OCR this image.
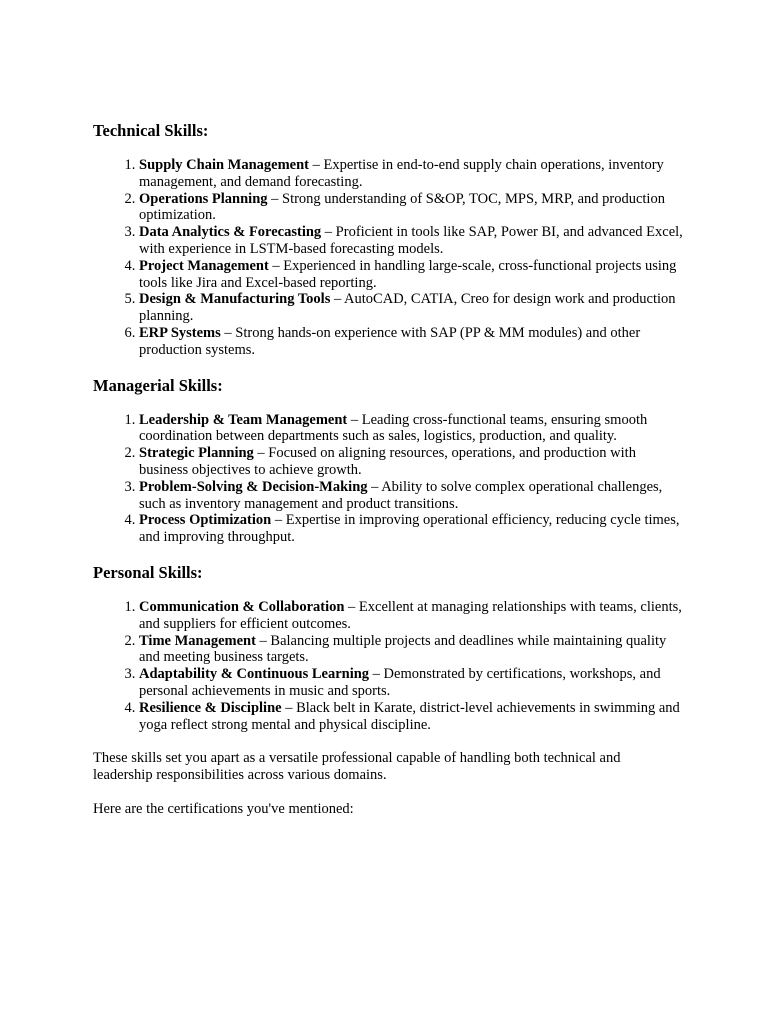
Technical Skills:
1. Supply Chain Management – Expertise in end-to-end supply chain operations, inventory management, and demand forecasting.
2. Operations Planning – Strong understanding of S&OP, TOC, MPS, MRP, and production optimization.
3. Data Analytics & Forecasting – Proficient in tools like SAP, Power BI, and advanced Excel, with experience in LSTM-based forecasting models.
4. Project Management – Experienced in handling large-scale, cross-functional projects using tools like Jira and Excel-based reporting.
5. Design & Manufacturing Tools – AutoCAD, CATIA, Creo for design work and production planning.
6. ERP Systems – Strong hands-on experience with SAP (PP & MM modules) and other production systems.
Managerial Skills:
1. Leadership & Team Management – Leading cross-functional teams, ensuring smooth coordination between departments such as sales, logistics, production, and quality.
2. Strategic Planning – Focused on aligning resources, operations, and production with business objectives to achieve growth.
3. Problem-Solving & Decision-Making – Ability to solve complex operational challenges, such as inventory management and product transitions.
4. Process Optimization – Expertise in improving operational efficiency, reducing cycle times, and improving throughput.
Personal Skills:
1. Communication & Collaboration – Excellent at managing relationships with teams, clients, and suppliers for efficient outcomes.
2. Time Management – Balancing multiple projects and deadlines while maintaining quality and meeting business targets.
3. Adaptability & Continuous Learning – Demonstrated by certifications, workshops, and personal achievements in music and sports.
4. Resilience & Discipline – Black belt in Karate, district-level achievements in swimming and yoga reflect strong mental and physical discipline.

These skills set you apart as a versatile professional capable of handling both technical and leadership responsibilities across various domains.

Here are the certifications you've mentioned:
